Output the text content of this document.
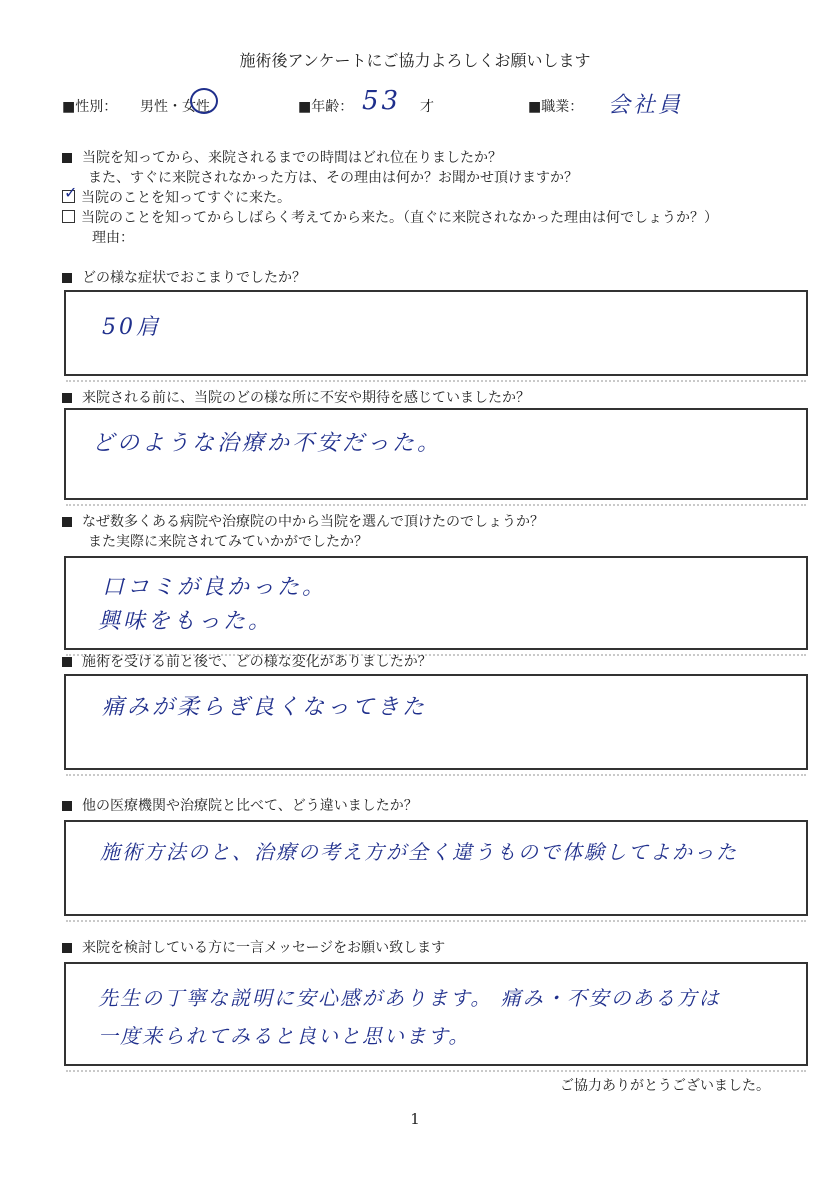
施術後アンケートにご協力よろしくお願いします
■性別： 男性・女性	■年齢： 53 才	■職業： 会社員
当院を知ってから、来院されるまでの時間はどれ位在りましたか？
また、すぐに来院されなかった方は、その理由は何か？お聞かせ頂けますか？
✓ 当院のことを知ってすぐに来た。
当院のことを知ってからしばらく考えてから来た。（直ぐに来院されなかった理由は何でしょうか？）
理由：
どの様な症状でおこまりでしたか？
50肩
来院される前に、当院のどの様な所に不安や期待を感じていましたか？
どのような治療か不安だった。
なぜ数多くある病院や治療院の中から当院を選んで頂けたのでしょうか？
また実際に来院されてみていかがでしたか？
口コミが良かった。
興味をもった。
施術を受ける前と後で、どの様な変化がありましたか？
痛みが柔らぎ良くなってきた
他の医療機関や治療院と比べて、どう違いましたか？
施術方法のと、治療の考え方が全く違うもので体験してよかった
来院を検討している方に一言メッセージをお願い致します
先生の丁寧な説明に安心感があります。 痛み・不安のある方は
一度来られてみると良いと思います。
ご協力ありがとうございました。
1
